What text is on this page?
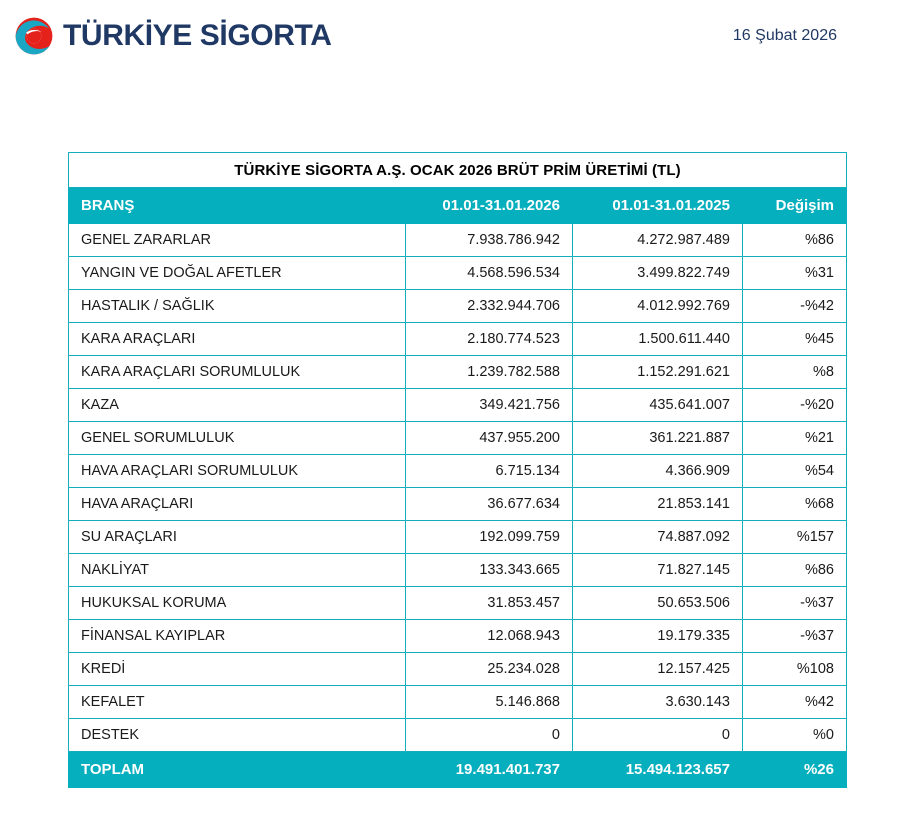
TÜRKİYE SİGORTA	16 Şubat 2026
TÜRKİYE SİGORTA A.Ş. OCAK 2026 BRÜT PRİM ÜRETİMİ (TL)			
BRANŞ	01.01-31.01.2026	01.01-31.01.2025	Değişim
GENEL ZARARLAR	7.938.786.942	4.272.987.489	%86
YANGIN VE DOĞAL AFETLER	4.568.596.534	3.499.822.749	%31
HASTALIK / SAĞLIK	2.332.944.706	4.012.992.769	-%42
KARA ARAÇLARI	2.180.774.523	1.500.611.440	%45
KARA ARAÇLARI SORUMLULUK	1.239.782.588	1.152.291.621	%8
KAZA	349.421.756	435.641.007	-%20
GENEL SORUMLULUK	437.955.200	361.221.887	%21
HAVA ARAÇLARI SORUMLULUK	6.715.134	4.366.909	%54
HAVA ARAÇLARI	36.677.634	21.853.141	%68
SU ARAÇLARI	192.099.759	74.887.092	%157
NAKLİYAT	133.343.665	71.827.145	%86
HUKUKSAL KORUMA	31.853.457	50.653.506	-%37
FİNANSAL KAYIPLAR	12.068.943	19.179.335	-%37
KREDİ	25.234.028	12.157.425	%108
KEFALET	5.146.868	3.630.143	%42
DESTEK	0	0	%0
TOPLAM	19.491.401.737	15.494.123.657	%26
